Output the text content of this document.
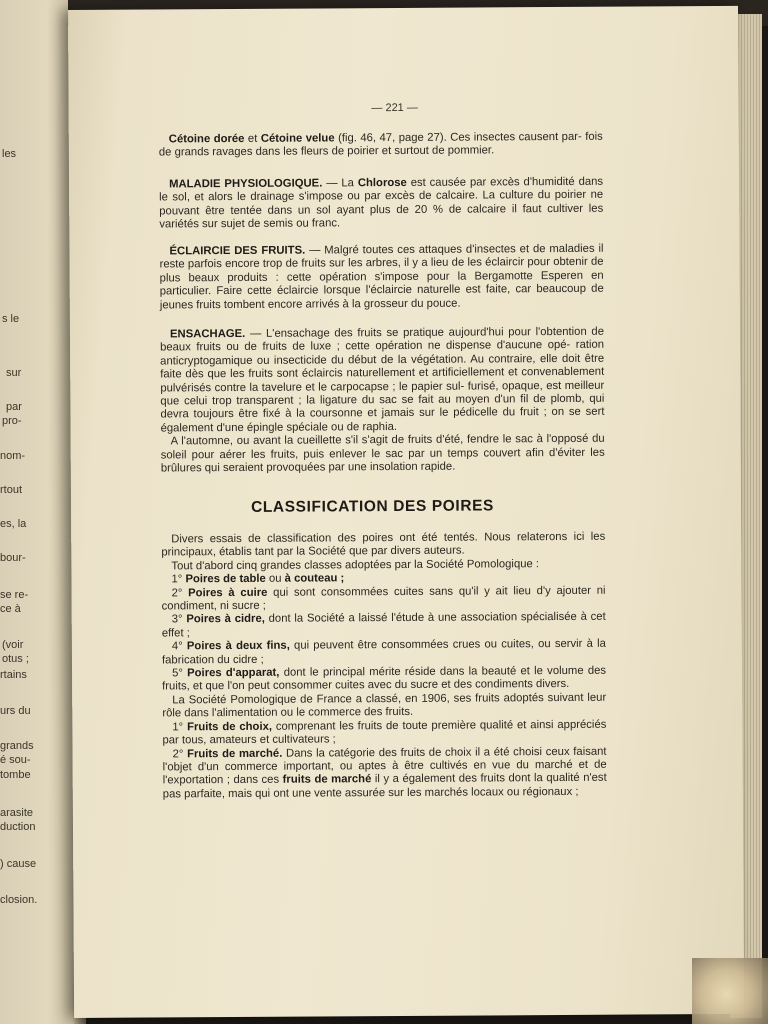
les
s le
sur
par
pro-
nom-
rtout
es, la
bour-
se re-
ce à
(voir
otus ;
rtains
urs du
grands
é sou-
tombe
arasite
duction
) cause
closion.
— 221 —

Cétoine dorée et Cétoine velue (fig. 46, 47, page 27). Ces insectes causent par- fois de grands ravages dans les fleurs de poirier et surtout de pommier.

MALADIE PHYSIOLOGIQUE. — La Chlorose est causée par excès d'humidité dans le sol, et alors le drainage s'impose ou par excès de calcaire. La culture du poirier ne pouvant être tentée dans un sol ayant plus de 20 % de calcaire il faut cultiver les variétés sur sujet de semis ou franc.

ÉCLAIRCIE DES FRUITS. — Malgré toutes ces attaques d'insectes et de maladies il reste parfois encore trop de fruits sur les arbres, il y a lieu de les éclaircir pour obtenir de plus beaux produits : cette opération s'impose pour la Bergamotte Esperen en particulier. Faire cette éclaircie lorsque l'éclaircie naturelle est faite, car beaucoup de jeunes fruits tombent encore arrivés à la grosseur du pouce.

ENSACHAGE. — L'ensachage des fruits se pratique aujourd'hui pour l'obtention de beaux fruits ou de fruits de luxe ; cette opération ne dispense d'aucune opé- ration anticryptogamique ou insecticide du début de la végétation. Au contraire, elle doit être faite dès que les fruits sont éclaircis naturellement et artificiellement et convenablement pulvérisés contre la tavelure et le carpocapse ; le papier sul- furisé, opaque, est meilleur que celui trop transparent ; la ligature du sac se fait au moyen d'un fil de plomb, qui devra toujours être fixé à la coursonne et jamais sur le pédicelle du fruit ; on se sert également d'une épingle spéciale ou de raphia.

A l'automne, ou avant la cueillette s'il s'agit de fruits d'été, fendre le sac à l'opposé du soleil pour aérer les fruits, puis enlever le sac par un temps couvert afin d'éviter les brûlures qui seraient provoquées par une insolation rapide.

CLASSIFICATION DES POIRES

Divers essais de classification des poires ont été tentés. Nous relaterons ici les principaux, établis tant par la Société que par divers auteurs.

Tout d'abord cinq grandes classes adoptées par la Société Pomologique :

1° Poires de table ou à couteau ;

2° Poires à cuire qui sont consommées cuites sans qu'il y ait lieu d'y ajouter ni condiment, ni sucre ;

3° Poires à cidre, dont la Société a laissé l'étude à une association spécialisée à cet effet ;

4° Poires à deux fins, qui peuvent être consommées crues ou cuites, ou servir à la fabrication du cidre ;

5° Poires d'apparat, dont le principal mérite réside dans la beauté et le volume des fruits, et que l'on peut consommer cuites avec du sucre et des condiments divers.

La Société Pomologique de France a classé, en 1906, ses fruits adoptés suivant leur rôle dans l'alimentation ou le commerce des fruits.

1° Fruits de choix, comprenant les fruits de toute première qualité et ainsi appréciés par tous, amateurs et cultivateurs ;

2° Fruits de marché. Dans la catégorie des fruits de choix il a été choisi ceux faisant l'objet d'un commerce important, ou aptes à être cultivés en vue du marché et de l'exportation ; dans ces fruits de marché il y a également des fruits dont la qualité n'est pas parfaite, mais qui ont une vente assurée sur les marchés locaux ou régionaux ;
